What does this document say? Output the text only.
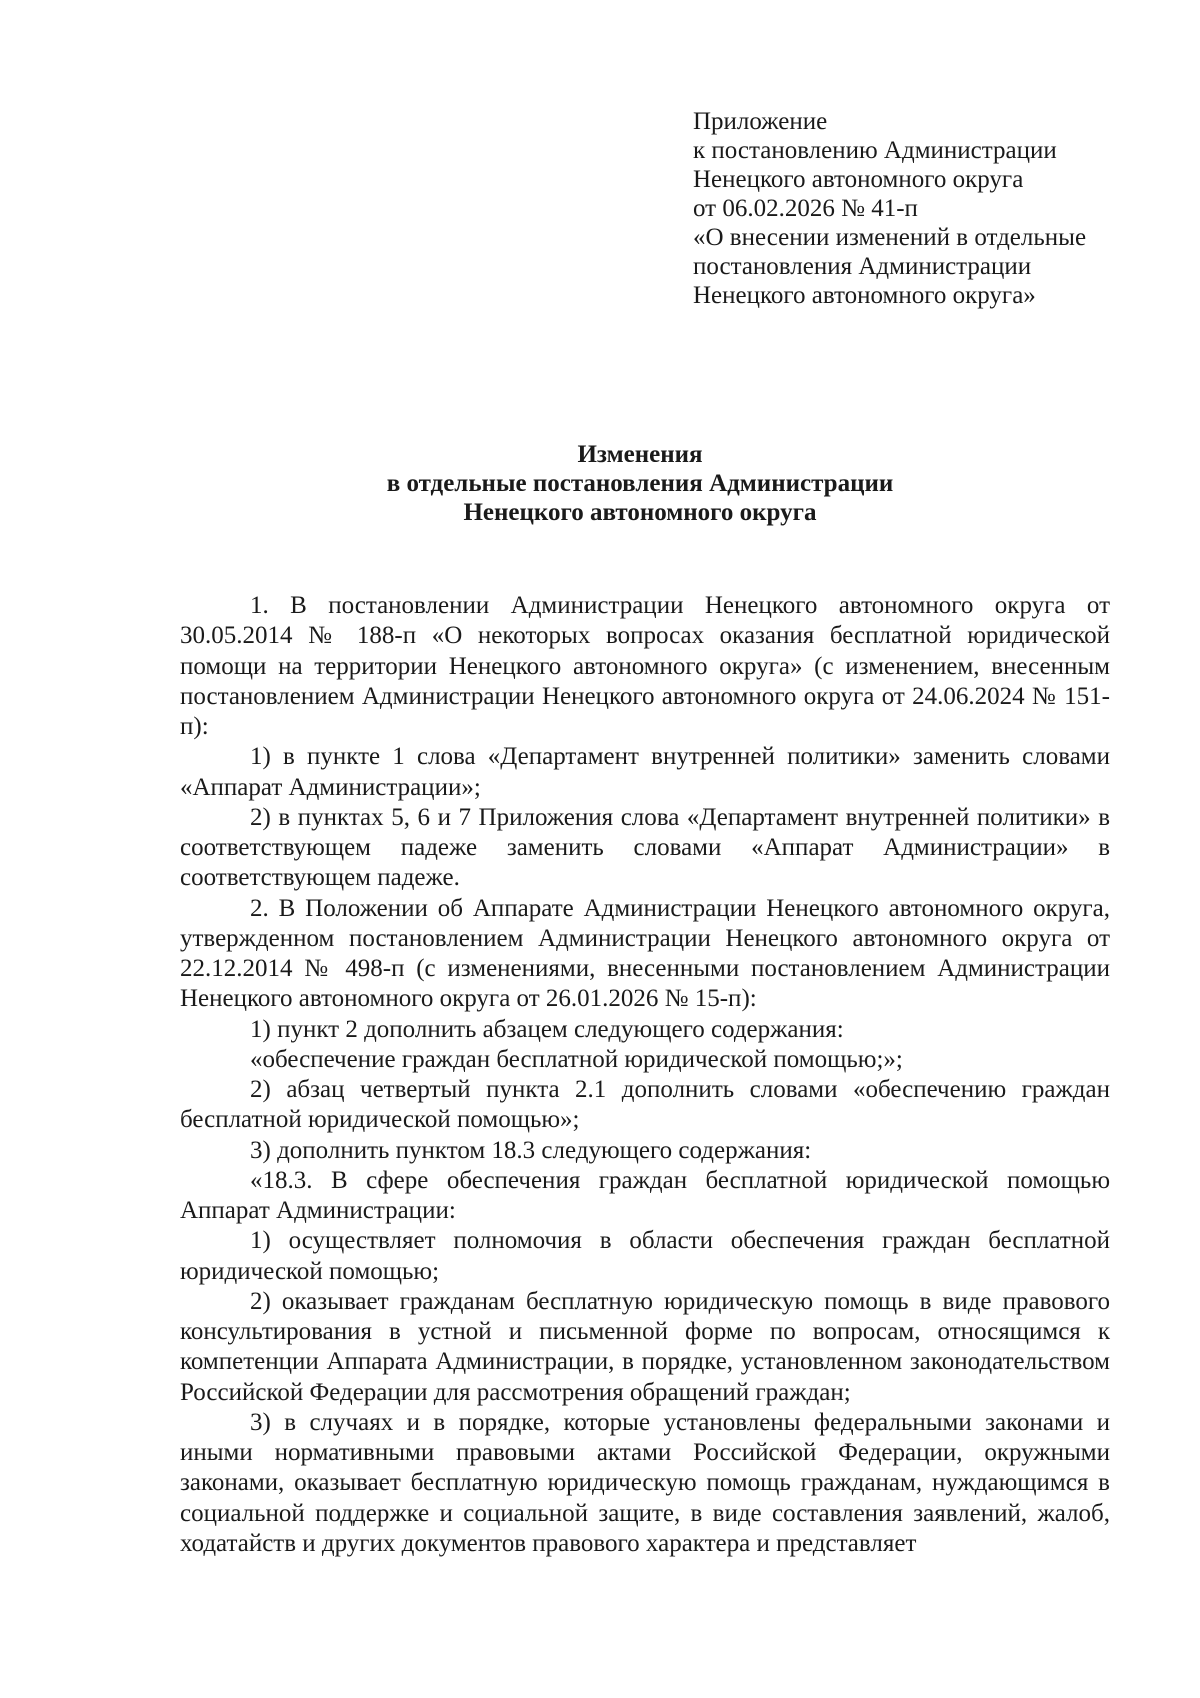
Приложение
к постановлению Администрации
Ненецкого автономного округа
от 06.02.2026 № 41-п
«О внесении изменений в отдельные
постановления Администрации
Ненецкого автономного округа»
Изменения
в отдельные постановления Администрации
Ненецкого автономного округа

1. В постановлении Администрации Ненецкого автономного округа от 30.05.2014 № 188-п «О некоторых вопросах оказания бесплатной юридической помощи на территории Ненецкого автономного округа» (с изменением, внесенным постановлением Администрации Ненецкого автономного округа от 24.06.2024 № 151-п):

1) в пункте 1 слова «Департамент внутренней политики» заменить словами «Аппарат Администрации»;

2) в пунктах 5, 6 и 7 Приложения слова «Департамент внутренней политики» в соответствующем падеже заменить словами «Аппарат Администрации» в соответствующем падеже.

2. В Положении об Аппарате Администрации Ненецкого автономного округа, утвержденном постановлением Администрации Ненецкого автономного округа от 22.12.2014 № 498-п (с изменениями, внесенными постановлением Администрации Ненецкого автономного округа от 26.01.2026 № 15-п):

1) пункт 2 дополнить абзацем следующего содержания:

«обеспечение граждан бесплатной юридической помощью;»;

2) абзац четвертый пункта 2.1 дополнить словами «обеспечению граждан бесплатной юридической помощью»;

3) дополнить пунктом 18.3 следующего содержания:

«18.3. В сфере обеспечения граждан бесплатной юридической помощью Аппарат Администрации:

1) осуществляет полномочия в области обеспечения граждан бесплатной юридической помощью;

2) оказывает гражданам бесплатную юридическую помощь в виде правового консультирования в устной и письменной форме по вопросам, относящимся к компетенции Аппарата Администрации, в порядке, установленном законодательством Российской Федерации для рассмотрения обращений граждан;

3) в случаях и в порядке, которые установлены федеральными законами и иными нормативными правовыми актами Российской Федерации, окружными законами, оказывает бесплатную юридическую помощь гражданам, нуждающимся в социальной поддержке и социальной защите, в виде составления заявлений, жалоб, ходатайств и других документов правового характера и представляет
